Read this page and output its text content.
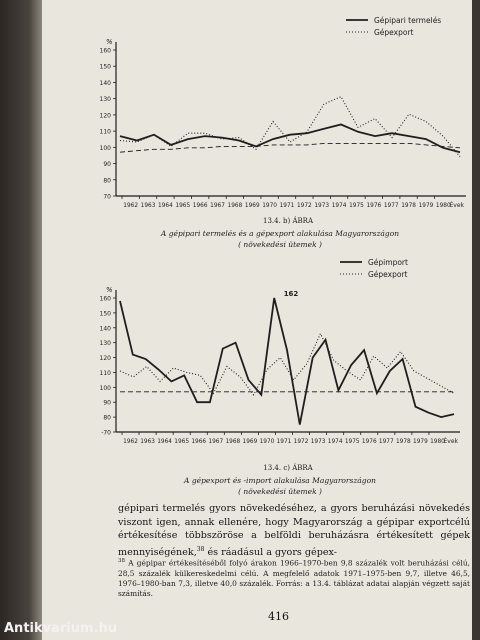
%
70
80
90
100
110
120
130
140
150
160
1962 1963 1964 1965 1966 1967 1968 1969 1970 1971 1972 1973 1974 1975 1976 1977 1978 1979 1980
Évek
Gépipari termelés
Gépexport
13.4. b) ÁBRA
A gépipari termelés és a gépexport alakulása Magyarországon
( növekedési ütemek )
%
-70
80
90
100
110
120
130
140
150
160
1962 1963 1964 1965 1966 1967 1968 1969 1970 1971 1972 1973 1974 1975 1976 1977 1978 1979 1980
Évek
Gépimport
Gépexport
162
13.4. c) ÁBRA
A gépexport és -import alakulása Magyarországon
( növekedési ütemek )

gépipari termelés gyors növekedéséhez, a gyors beruházási növekedés viszont igen, annak ellenére, hogy Magyarország a gépipar exportcélú értékesítése többszöröse a belföldi beruházásra értékesített gépek mennyiségének,$^{38}$ és ráadásul a gyors gépex-

$^{38}$ A gépipar értékesítéséből folyó árakon 1966–1970-ben 9,8 százalék volt beruházási célú, 28,5 százalék külkereskedelmi célú. A megfelelő adatok 1971–1975-ben 9,7, illetve 46,5, 1976–1980-ban 7,3, illetve 40,0 százalék. Forrás: a 13.4. táblázat adatai alapján végzett saját számítás.

416
Antikvarium.hu
